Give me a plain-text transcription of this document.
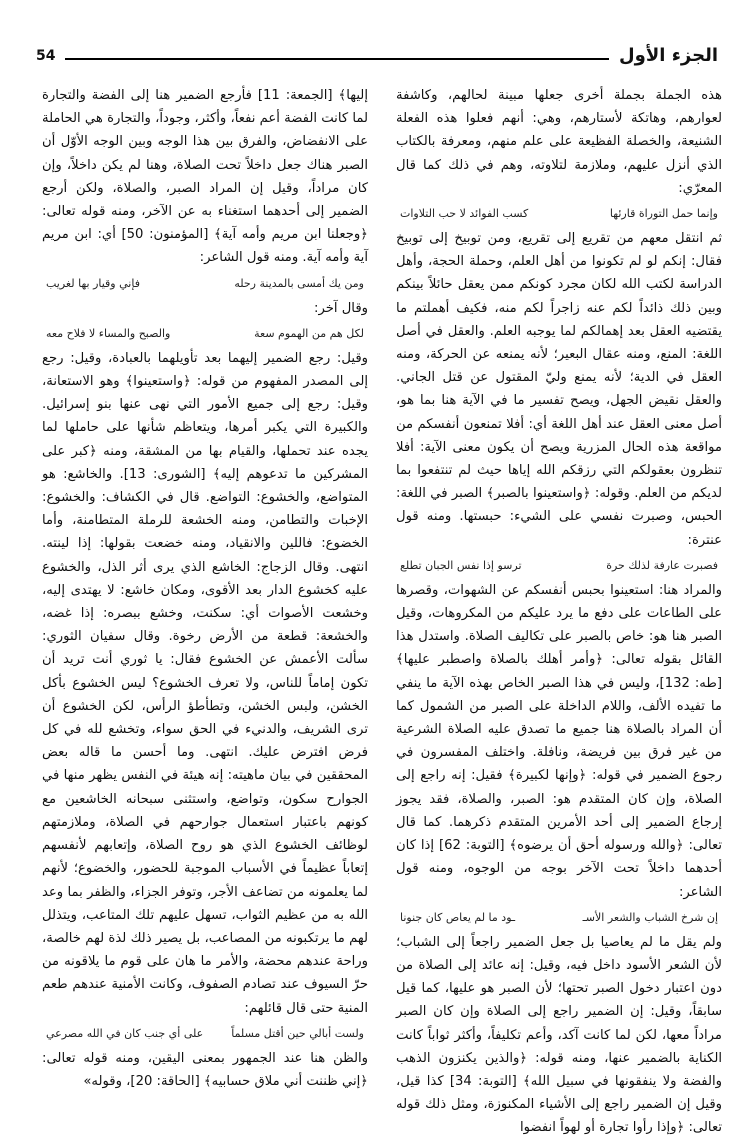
الجزء الأول
54

هذه الجملة بجملة أخرى جعلها مبينة لحالهم، وكاشفة لعوارهم، وهاتكة لأستارهم، وهي: أنهم فعلوا هذه الفعلة الشنيعة، والخصلة الفظيعة على علم منهم، ومعرفة بالكتاب الذي أنزل عليهم، وملازمة لتلاوته، وهم في ذلك كما قال المعرّي:

وإنما حمل التوراة قارئها
كسب الفوائد لا حب التلاوات

ثم انتقل معهم من تقريع إلى تقريع، ومن توبيخ إلى توبيخ فقال: إنكم لو لم تكونوا من أهل العلم، وحملة الحجة، وأهل الدراسة لكتب الله لكان مجرد كونكم ممن يعقل حائلاً بينكم وبين ذلك ذائداً لكم عنه زاجراً لكم منه، فكيف أهملتم ما يقتضيه العقل بعد إهمالكم لما يوجبه العلم. والعقل في أصل اللغة: المنع، ومنه عقال البعير؛ لأنه يمنعه عن الحركة، ومنه العقل في الدية؛ لأنه يمنع وليّ المقتول عن قتل الجاني. والعقل نقيض الجهل، ويصح تفسير ما في الآية هنا بما هو، أصل معنى العقل عند أهل اللغة أي: أفلا تمنعون أنفسكم من مواقعة هذه الحال المزرية ويصح أن يكون معنى الآية: أفلا تنظرون بعقولكم التي رزقكم الله إياها حيث لم تنتفعوا بما لديكم من العلم. وقوله: ﴿واستعينوا بالصبر﴾ الصبر في اللغة: الحبس، وصبرت نفسي على الشيء: حبستها. ومنه قول عنترة:

فصبرت عارفة لذلك حرة
ترسو إذا نفس الجبان تطلع

والمراد هنا: استعينوا بحبس أنفسكم عن الشهوات، وقصرها على الطاعات على دفع ما يرد عليكم من المكروهات، وقيل الصبر هنا هو: خاص بالصبر على تكاليف الصلاة. واستدل هذا القائل بقوله تعالى: ﴿وأمر أهلك بالصلاة واصطبر عليها﴾ [طه: 132]، وليس في هذا الصبر الخاص بهذه الآية ما ينفي ما تفيده الألف، واللام الداخلة على الصبر من الشمول كما أن المراد بالصلاة هنا جميع ما تصدق عليه الصلاة الشرعية من غير فرق بين فريضة، ونافلة. واختلف المفسرون في رجوع الضمير في قوله: ﴿وإنها لكبيرة﴾ فقيل: إنه راجع إلى الصلاة، وإن كان المتقدم هو: الصبر، والصلاة، فقد يجوز إرجاع الضمير إلى أحد الأمرين المتقدم ذكرهما. كما قال تعالى: ﴿والله ورسوله أحق أن يرضوه﴾ [التوبة: 62] إذا كان أحدهما داخلاً تحت الآخر بوجه من الوجوه، ومنه قول الشاعر:

إن شرخ الشباب والشعر الأسـ
ـود ما لم يعاص كان جنونا

ولم يقل ما لم يعاصيا بل جعل الضمير راجعاً إلى الشباب؛ لأن الشعر الأسود داخل فيه، وقيل: إنه عائد إلى الصلاة من دون اعتبار دخول الصبر تحتها؛ لأن الصبر هو عليها، كما قيل سابقاً، وقيل: إن الضمير راجع إلى الصلاة وإن كان الصبر مراداً معها، لكن لما كانت آكد، وأعم تكليفاً، وأكثر ثواباً كانت الكناية بالضمير عنها، ومنه قوله: ﴿والذين يكنزون الذهب والفضة ولا ينفقونها في سبيل الله﴾ [التوبة: 34] كذا قيل، وقيل إن الضمير راجع إلى الأشياء المكنوزة، ومثل ذلك قوله تعالى: ﴿وإذا رأوا تجارة أو لهواً انفضوا

إليها﴾ [الجمعة: 11] فأرجع الضمير هنا إلى الفضة والتجارة لما كانت الفضة أعم نفعاً، وأكثر، وجوداً، والتجارة هي الحاملة على الانفضاض، والفرق بين هذا الوجه وبين الوجه الأوّل أن الصبر هناك جعل داخلاً تحت الصلاة، وهنا لم يكن داخلاً، وإن كان مراداً، وقيل إن المراد الصبر، والصلاة، ولكن أرجع الضمير إلى أحدهما استغناء به عن الآخر، ومنه قوله تعالى: ﴿وجعلنا ابن مريم وأمه آية﴾ [المؤمنون: 50] أي: ابن مريم آية وأمه آية. ومنه قول الشاعر:

ومن يك أمسى بالمدينة رحله
فإني وقيار بها لغريب

وقال آخر:

لكل هم من الهموم سعة
والصبح والمساء لا فلاح معه

وقيل: رجع الضمير إليهما بعد تأويلهما بالعبادة، وقيل: رجع إلى المصدر المفهوم من قوله: ﴿واستعينوا﴾ وهو الاستعانة، وقيل: رجع إلى جميع الأمور التي نهى عنها بنو إسرائيل. والكبيرة التي يكبر أمرها، ويتعاظم شأنها على حاملها لما يجده عند تحملها، والقيام بها من المشقة، ومنه ﴿كبر على المشركين ما تدعوهم إليه﴾ [الشورى: 13]. والخاشع: هو المتواضع، والخشوع: التواضع. قال في الكشاف: والخشوع: الإخبات والتطامن، ومنه الخشعة للرملة المتطامنة، وأما الخضوع: فاللين والانقياد، ومنه خضعت بقولها: إذا لينته. انتهى. وقال الزجاج: الخاشع الذي يرى أثر الذل، والخشوع عليه كخشوع الدار بعد الأقوى، ومكان خاشع: لا يهتدى إليه، وخشعت الأصوات أي: سكنت، وخشع ببصره: إذا غضه، والخشعة: قطعة من الأرض رخوة. وقال سفيان الثوري: سألت الأعمش عن الخشوع فقال: يا ثوري أنت تريد أن تكون إماماً للناس، ولا تعرف الخشوع؟ ليس الخشوع بأكل الخشن، ولبس الخشن، وتطأطؤ الرأس، لكن الخشوع أن ترى الشريف، والدنيء في الحق سواء، وتخشع لله في كل فرض افترض عليك. انتهى. وما أحسن ما قاله بعض المحققين في بيان ماهيته: إنه هيئة في النفس يظهر منها في الجوارح سكون، وتواضع، واستثنى سبحانه الخاشعين مع كونهم باعتبار استعمال جوارحهم في الصلاة، وملازمتهم لوظائف الخشوع الذي هو روح الصلاة، وإتعابهم لأنفسهم إتعاباً عظيماً في الأسباب الموجبة للحضور، والخضوع؛ لأنهم لما يعلمونه من تضاعف الأجر، وتوفر الجزاء، والظفر بما وعد الله به من عظيم الثواب، تسهل عليهم تلك المتاعب، ويتذلل لهم ما يرتكبونه من المصاعب، بل يصير ذلك لذة لهم خالصة، وراحة عندهم محضة، والأمر ما هان على قوم ما يلاقونه من حرّ السيوف عند تصادم الصفوف، وكانت الأمنية عندهم طعم المنية حتى قال قائلهم:

ولست أبالي حين أقتل مسلماً
على أي جنب كان في الله مصرعي

والظن هنا عند الجمهور بمعنى اليقين، ومنه قوله تعالى: ﴿إني ظننت أني ملاق حسابيه﴾ [الحاقة: 20]، وقوله»
